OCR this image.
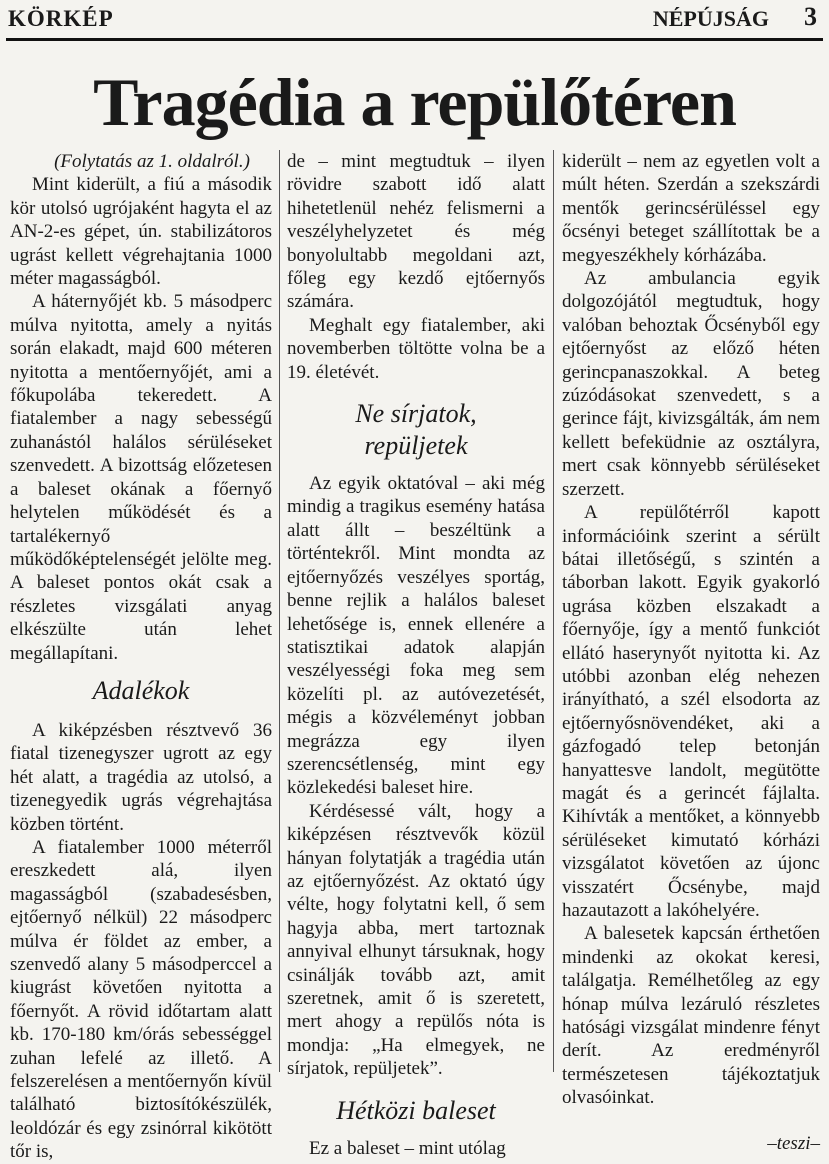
KÖRKÉP	NÉPÚJSÁG 3
Tragédia a repülőtéren

(Folytatás az 1. oldalról.)

Mint kiderült, a fiú a második kör utolsó ugrójaként hagyta el az AN-2-es gépet, ún. stabilizátoros ugrást kellett végrehajtania 1000 méter magasságból.

A háternyőjét kb. 5 másodperc múlva nyitotta, amely a nyitás során elakadt, majd 600 méteren nyitotta a mentőernyőjét, ami a főkupolába tekeredett. A fiatalember a nagy sebességű zuhanástól halálos sérüléseket szenvedett. A bizottság előzetesen a baleset okának a főernyő helytelen működését és a tartalékernyő működőképtelenségét jelölte meg. A baleset pontos okát csak a részletes vizsgálati anyag elkészülte után lehet megállapítani.

Adalékok

A kiképzésben résztvevő 36 fiatal tizenegyszer ugrott az egy hét alatt, a tragédia az utolsó, a tizenegyedik ugrás végrehajtása közben történt.

A fiatalember 1000 méterről ereszkedett alá, ilyen magasságból (szabadesésben, ejtőernyő nélkül) 22 másodperc múlva ér földet az ember, a szenvedő alany 5 másodperccel a kiugrást követően nyitotta a főernyőt. A rövid időtartam alatt kb. 170-180 km/órás sebességgel zuhan lefelé az illető. A felszerelésen a mentőernyőn kívül található biztosítókészülék, leoldózár és egy zsinórral kikötött tőr is,

de – mint megtudtuk – ilyen rövidre szabott idő alatt hihetetlenül nehéz felismerni a veszélyhelyzetet és még bonyolultabb megoldani azt, főleg egy kezdő ejtőernyős számára.

Meghalt egy fiatalember, aki novemberben töltötte volna be a 19. életévét.

Ne sírjatok,
repüljetek

Az egyik oktatóval – aki még mindig a tragikus esemény hatása alatt állt – beszéltünk a történtekről. Mint mondta az ejtőernyőzés veszélyes sportág, benne rejlik a halálos baleset lehetősége is, ennek ellenére a statisztikai adatok alapján veszélyességi foka meg sem közelíti pl. az autóvezetését, mégis a közvéleményt jobban megrázza egy ilyen szerencsétlenség, mint egy közlekedési baleset hire.

Kérdésessé vált, hogy a kiképzésen résztvevők közül hányan folytatják a tragédia után az ejtőernyőzést. Az oktató úgy vélte, hogy folytatni kell, ő sem hagyja abba, mert tartoznak annyival elhunyt társuknak, hogy csinálják tovább azt, amit szeretnek, amit ő is szeretett, mert ahogy a repülős nóta is mondja: „Ha elmegyek, ne sírjatok, repüljetek”.

Hétközi baleset

Ez a baleset – mint utólag

kiderült – nem az egyetlen volt a múlt héten. Szerdán a szekszárdi mentők gerincsérüléssel egy őcsényi beteget szállítottak be a megyeszékhely kórházába.

Az ambulancia egyik dolgozójától megtudtuk, hogy valóban behoztak Őcsényből egy ejtőernyőst az előző héten gerincpanaszokkal. A beteg zúzódásokat szenvedett, s a gerince fájt, kivizsgálták, ám nem kellett befeküdnie az osztályra, mert csak könnyebb sérüléseket szerzett.

A repülőtérről kapott információink szerint a sérült bátai illetőségű, s szintén a táborban lakott. Egyik gyakorló ugrása közben elszakadt a főernyője, így a mentő funkciót ellátó haserynyőt nyitotta ki. Az utóbbi azonban elég nehezen irányítható, a szél elsodorta az ejtőernyősnövendéket, aki a gázfogadó telep betonján hanyattesve landolt, megütötte magát és a gerincét fájlalta. Kihívták a mentőket, a könnyebb sérüléseket kimutató kórházi vizsgálatot követően az újonc visszatért Őcsénybe, majd hazautazott a lakóhelyére.

A balesetek kapcsán érthetően mindenki az okokat keresi, találgatja. Remélhetőleg az egy hónap múlva lezáruló részletes hatósági vizsgálat mindenre fényt derít. Az eredményről természetesen tájékoztatjuk olvasóinkat.

–teszi–
